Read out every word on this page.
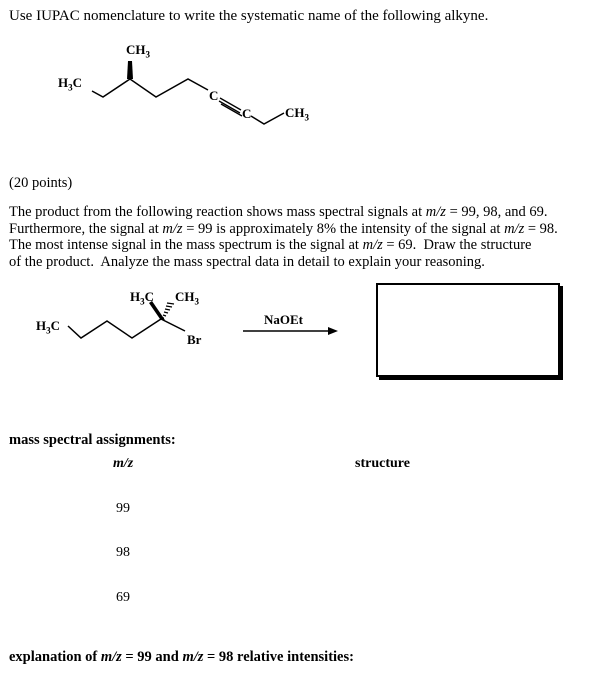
Use IUPAC nomenclature to write the systematic name of the following alkyne.
$CH_3$
$H_3C$
C
C	$CH_3$
(20 points)
The product from the following reaction shows mass spectral signals at m/z = 99, 98, and 69.
Furthermore, the signal at m/z = 99 is approximately 8% the intensity of the signal at m/z = 98.
The most intense signal in the mass spectrum is the signal at m/z = 69.  Draw the structure
of the product.  Analyze the mass spectral data in detail to explain your reasoning.
$H_3C$ $CH_3$
$H_3C$
Br
NaOEt
mass spectral assignments:
m/z	structure
99
98
69
explanation of m/z = 99 and m/z = 98 relative intensities:
